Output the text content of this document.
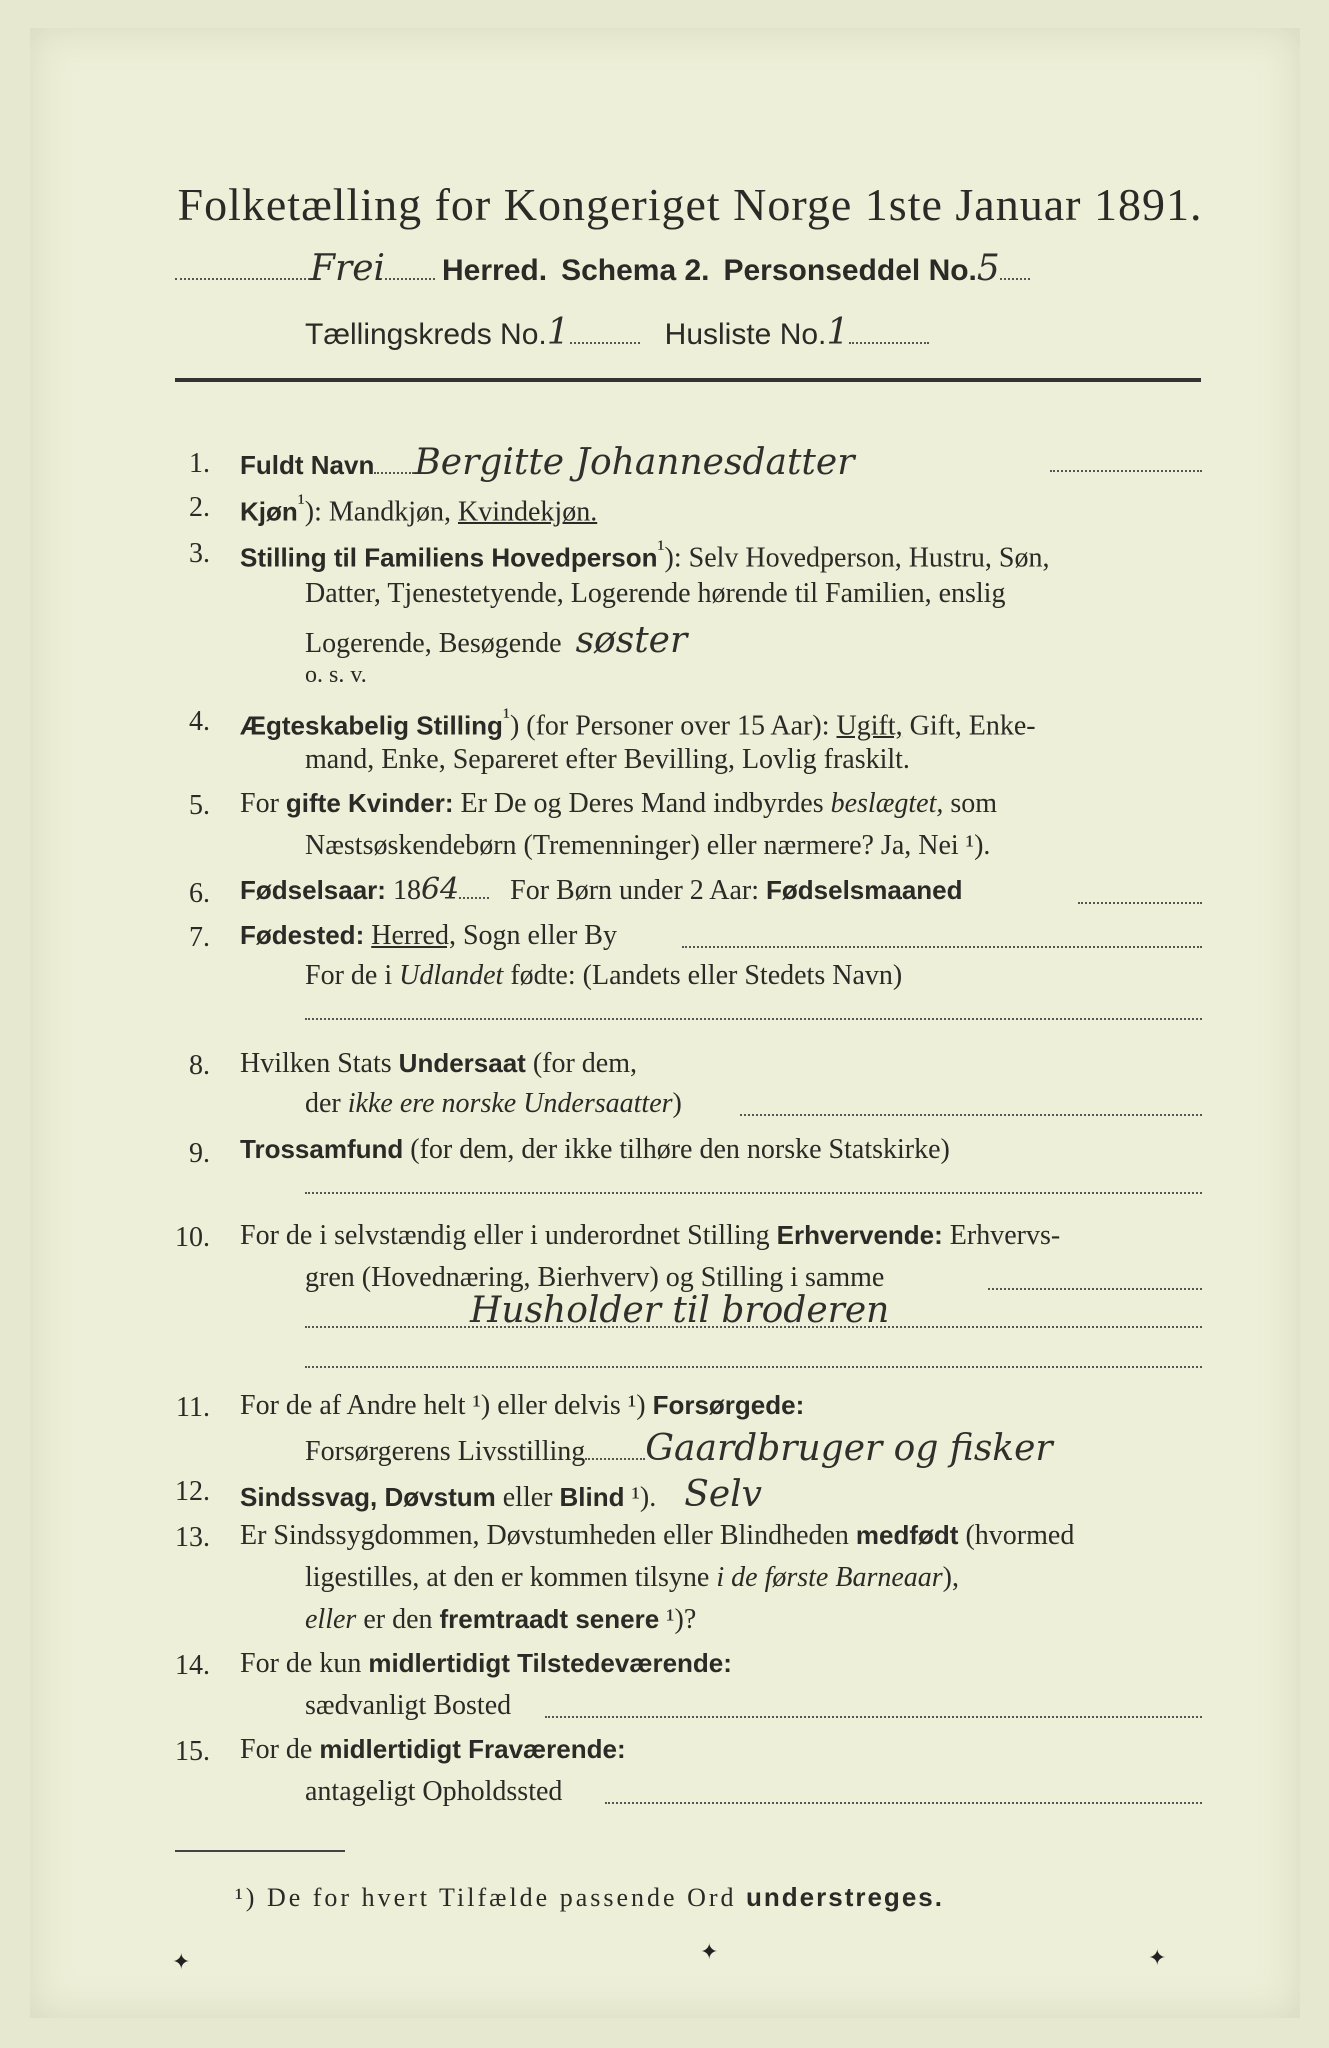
Folketælling for Kongeriget Norge 1ste Januar 1891.
Frei Herred. Schema 2. Personseddel No.5
Tællingskreds No.1	Husliste No.1
1. Fuldt Navn Bergitte Johannesdatter
2. Kjøn$^{^1}$): Mandkjøn, Kvindekjøn.
3. Stilling til Familiens Hovedperson$^{^1}$): Selv Hovedperson, Hustru, Søn,
Datter, Tjenestetyende, Logerende hørende til Familien, enslig
Logerende, Besøgende søster
o. s. v.
4. Ægteskabelig Stilling$^{^1}$) (for Personer over 15 Aar): Ugift, Gift, Enke-
mand, Enke, Separeret efter Bevilling, Lovlig fraskilt.
5. For gifte Kvinder: Er De og Deres Mand indbyrdes beslægtet, som
Næstsøskendebørn (Tremenninger) eller nærmere? Ja, Nei ¹).
6. Fødselsaar: 1864 For Børn under 2 Aar: Fødselsmaaned
7. Fødested: Herred, Sogn eller By
For de i Udlandet fødte: (Landets eller Stedets Navn)
8. Hvilken Stats Undersaat (for dem,
der ikke ere norske Undersaatter)
9. Trossamfund (for dem, der ikke tilhøre den norske Statskirke)
10. For de i selvstændig eller i underordnet Stilling Erhvervende: Erhvervs-
gren (Hovednæring, Bierhverv) og Stilling i samme
Husholder til broderen
11. For de af Andre helt ¹) eller delvis ¹) Forsørgede:
Forsørgerens Livsstilling Gaardbruger og fisker
12. Sindssvag, Døvstum eller Blind ¹). Selv
13. Er Sindssygdommen, Døvstumheden eller Blindheden medfødt (hvormed
ligestilles, at den er kommen tilsyne i de første Barneaar),
eller er den fremtraadt senere ¹)?
14. For de kun midlertidigt Tilstedeværende:
sædvanligt Bosted
15. For de midlertidigt Fraværende:
antageligt Opholdssted
¹) De for hvert Tilfælde passende Ord understreges.
✦	✦	✦
